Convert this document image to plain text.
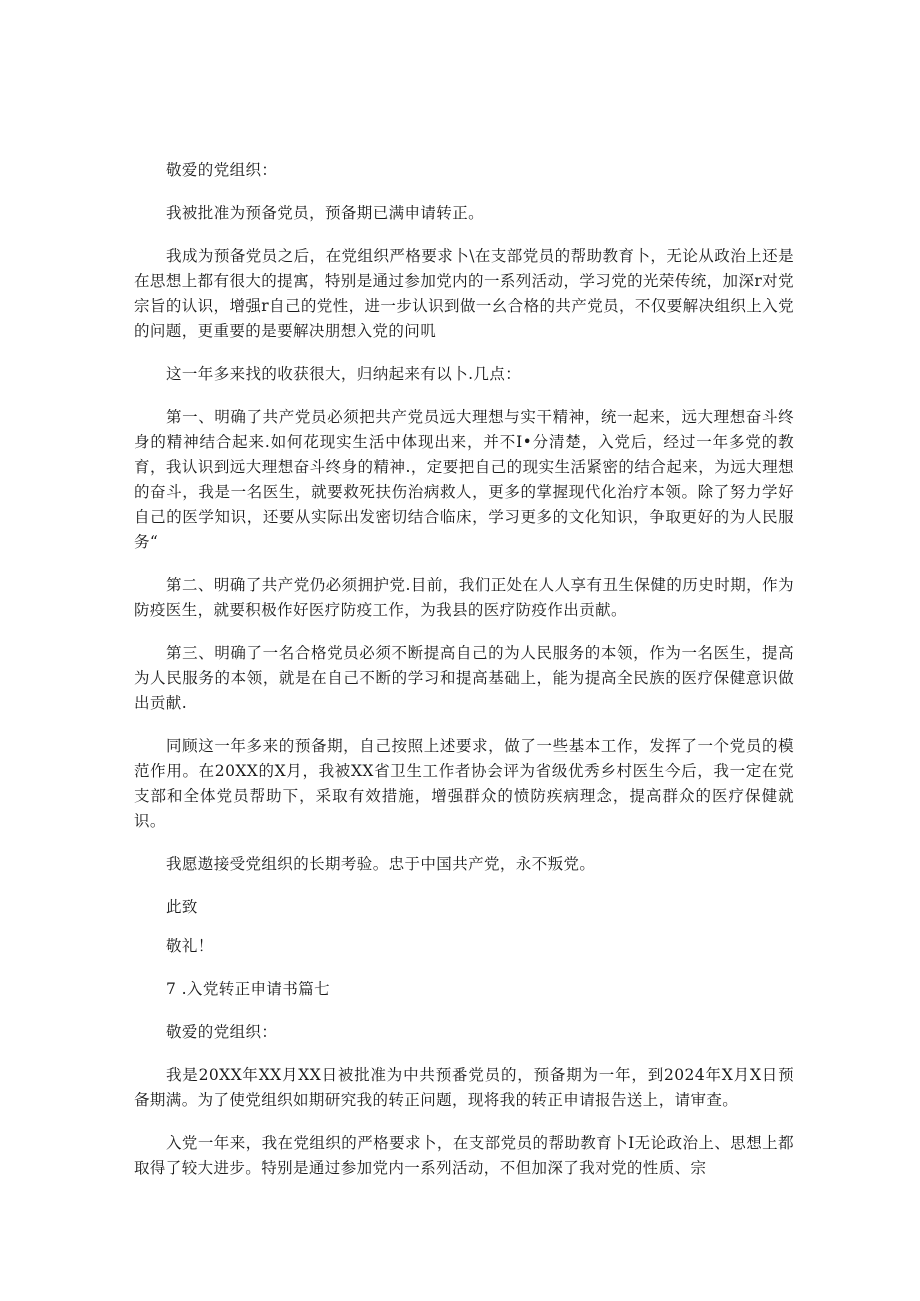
敬爱的党组织：

我被批准为预备党员，预备期已满申请转正。

我成为预备党员之后，在党组织严格要求卜\在支部党员的帮助教育卜，无论从政治上还是在思想上都有很大的提寓，特别是通过参加党内的一系列活动，学习党的光荣传统，加深r对党宗旨的认识，增强r自己的党性，进一步认识到做一幺合格的共产党员，不仅要解决组织上入党的问题，更重要的是要解决朋想入党的问叽

这一年多来找的收获很大，归纳起来有以卜.几点：

第一、明确了共产党员必须把共产党员远大理想与实干精神，统一起来，远大理想奋斗终身的精神结合起来.如何花现实生活中体现出来，并不I•分清楚，入党后，经过一年多党的教育，我认识到远大理想奋斗终身的精神.，定要把自己的现实生活紧密的结合起来，为远大理想的奋斗，我是一名医生，就要救死扶伤治病救人，更多的掌握现代化治疗本领。除了努力学好自己的医学知识，还要从实际出发密切结合临床，学习更多的文化知识，争取更好的为人民服务“

第二、明确了共产党仍必须拥护党.目前，我们正处在人人享有丑生保健的历史时期，作为防疫医生，就要积极作好医疗防疫工作，为我县的医疗防疫作出贡献。

第三、明确了一名合格党员必须不断提高自己的为人民服务的本领，作为一名医生，提高为人民服务的本领，就是在自己不断的学习和提高基础上，能为提高全民族的医疗保健意识做出贡献.

同顾这一年多来的预备期，自己按照上述要求，做了一些基本工作，发挥了一个党员的模范作用。在20XX的X月，我被XX省卫生工作者协会评为省级优秀乡村医生今后，我一定在党支部和全体党员帮助下，采取有效措施，增强群众的愤防疾病理念，提高群众的医疗保健就识。

我愿遨接受党组织的长期考验。忠于中国共产党，永不叛党。

此致

敬礼！

7 .入党转正申请书篇七

敬爱的党组织：

我是20XX年XX月XX日被批准为中共预番党员的，预备期为一年，到2024年X月X日预备期满。为了使党组织如期研究我的转正问题，现将我的转正申请报告送上，请审查。

入党一年来，我在党组织的严格要求卜，在支部党员的帮助教育卜I无论政治上、思想上都取得了较大进步。特别是通过参加党内一系列活动，不但加深了我对党的性质、宗
